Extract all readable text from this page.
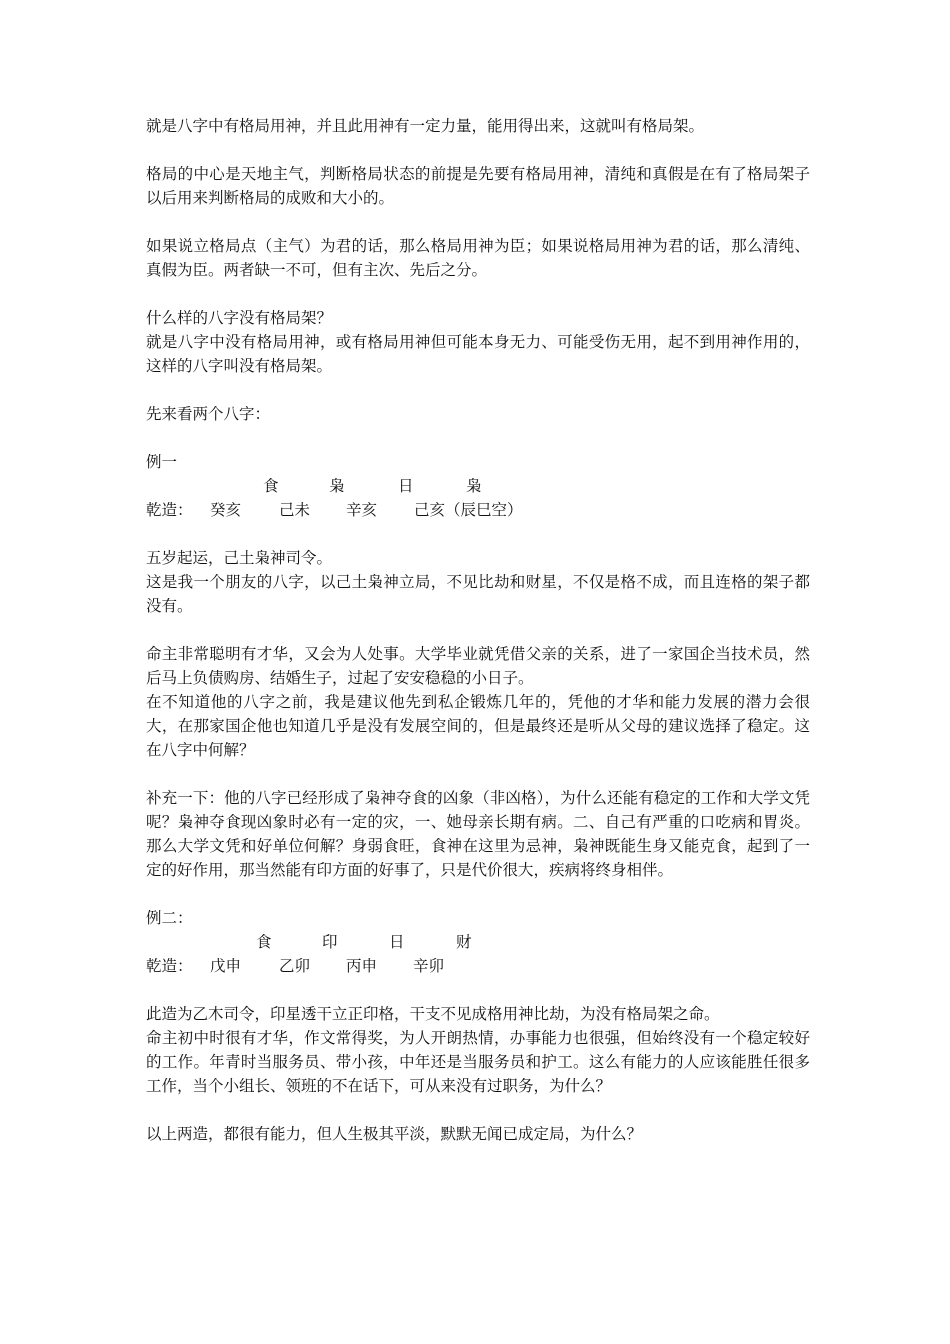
就是八字中有格局用神，并且此用神有一定力量，能用得出来，这就叫有格局架。

格局的中心是天地主气，判断格局状态的前提是先要有格局用神，清纯和真假是在有了格局架子以后用来判断格局的成败和大小的。

如果说立格局点（主气）为君的话，那么格局用神为臣；如果说格局用神为君的话，那么清纯、真假为臣。两者缺一不可，但有主次、先后之分。

什么样的八字没有格局架？

就是八字中没有格局用神，或有格局用神但可能本身无力、可能受伤无用，起不到用神作用的，这样的八字叫没有格局架。

先来看两个八字：

例一

食	枭	日	枭
乾造： 癸亥 己未 辛亥 己亥（辰巳空）

五岁起运，己土枭神司令。

这是我一个朋友的八字，以己土枭神立局，不见比劫和财星，不仅是格不成，而且连格的架子都没有。

命主非常聪明有才华，又会为人处事。大学毕业就凭借父亲的关系，进了一家国企当技术员，然后马上负债购房、结婚生子，过起了安安稳稳的小日子。

在不知道他的八字之前，我是建议他先到私企锻炼几年的，凭他的才华和能力发展的潜力会很大，在那家国企他也知道几乎是没有发展空间的，但是最终还是听从父母的建议选择了稳定。这在八字中何解？

补充一下：他的八字已经形成了枭神夺食的凶象（非凶格），为什么还能有稳定的工作和大学文凭呢？枭神夺食现凶象时必有一定的灾，一、她母亲长期有病。二、自己有严重的口吃病和胃炎。那么大学文凭和好单位何解？身弱食旺，食神在这里为忌神，枭神既能生身又能克食，起到了一定的好作用，那当然能有印方面的好事了，只是代价很大，疾病将终身相伴。

例二：

食	印	日	财
乾造： 戊申 乙卯 丙申 辛卯

此造为乙木司令，印星透干立正印格，干支不见成格用神比劫，为没有格局架之命。

命主初中时很有才华，作文常得奖，为人开朗热情，办事能力也很强，但始终没有一个稳定较好的工作。年青时当服务员、带小孩，中年还是当服务员和护工。这么有能力的人应该能胜任很多工作，当个小组长、领班的不在话下，可从来没有过职务，为什么？

以上两造，都很有能力，但人生极其平淡，默默无闻已成定局，为什么？
